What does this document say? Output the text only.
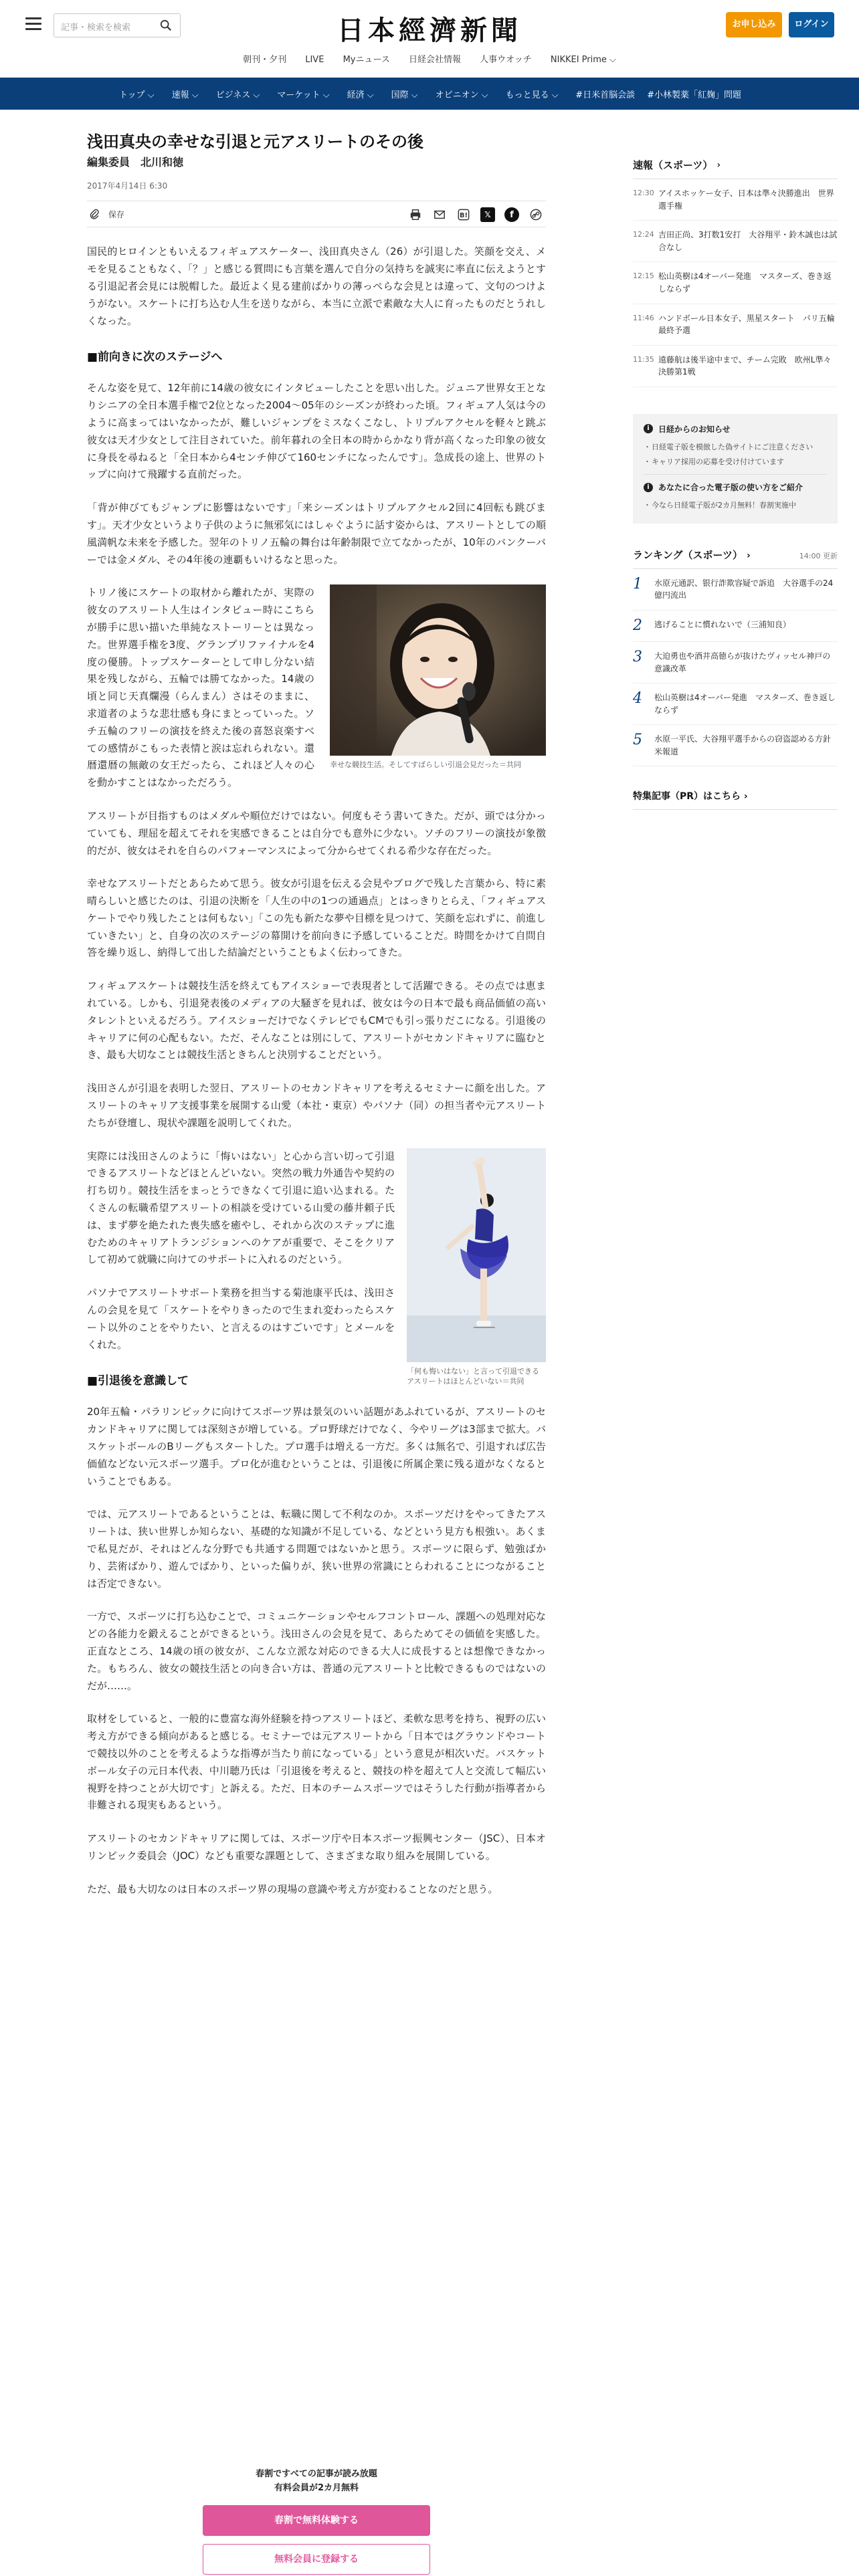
記事・検索を検索	日本經濟新聞	お申し込み	ログイン
朝刊・夕刊 LIVE Myニュース 日経会社情報 人事ウオッチ NIKKEI Prime ⌵
トップ ⌵ 速報 ⌵ ビジネス ⌵ マーケット ⌵ 経済 ⌵ 国際 ⌵ オピニオン ⌵ もっと見る ⌵ #日米首脳会談 #小林製薬「紅麹」問題
浅田真央の幸せな引退と元アスリートのその後
編集委員　北川和徳
2017年4月14日 6:30
保存	B!	𝕏	f

国民的ヒロインともいえるフィギュアスケーター、浅田真央さん（26）が引退した。笑顔を交え、メモを見ることもなく、「？」と感じる質問にも言葉を選んで自分の気持ちを誠実に率直に伝えようとする引退記者会見には脱帽した。最近よく見る建前ばかりの薄っぺらな会見とは違って、文句のつけようがない。スケートに打ち込む人生を送りながら、本当に立派で素敵な大人に育ったものだとうれしくなった。

■前向きに次のステージへ

そんな姿を見て、12年前に14歳の彼女にインタビューしたことを思い出した。ジュニア世界女王となりシニアの全日本選手権で2位となった2004〜05年のシーズンが終わった頃。フィギュア人気は今のように高まってはいなかったが、難しいジャンプをミスなくこなし、トリプルアクセルを軽々と跳ぶ彼女は天才少女として注目されていた。前年暮れの全日本の時からかなり背が高くなった印象の彼女に身長を尋ねると「全日本から4センチ伸びて160センチになったんです」。急成長の途上、世界のトップに向けて飛躍する直前だった。

「背が伸びてもジャンプに影響はないです」「来シーズンはトリプルアクセル2回に4回転も跳びます」。天才少女というより子供のように無邪気にはしゃぐように話す姿からは、アスリートとしての順風満帆な未来を予感した。翌年のトリノ五輪の舞台は年齢制限で立てなかったが、10年のバンクーバーでは金メダル、その4年後の連覇もいけるなと思った。

幸せな競技生活。そしてすばらしい引退会見だった＝共同

トリノ後にスケートの取材から離れたが、実際の彼女のアスリート人生はインタビュー時にこちらが勝手に思い描いた単純なストーリーとは異なった。世界選手権を3度、グランプリファイナルを4度の優勝。トップスケーターとして申し分ない結果を残しながら、五輪では勝てなかった。14歳の頃と同じ天真爛漫（らんまん）さはそのままに、求道者のような悲壮感も身にまとっていった。ソチ五輪のフリーの演技を終えた後の喜怒哀楽すべての感情がこもった表情と涙は忘れられない。還暦還暦の無敵の女王だったら、これほど人々の心を動かすことはなかっただろう。

アスリートが目指すものはメダルや順位だけではない。何度もそう書いてきた。だが、頭では分かっていても、理屈を超えてそれを実感できることは自分でも意外に少ない。ソチのフリーの演技が象徴的だが、彼女はそれを自らのパフォーマンスによって分からせてくれる希少な存在だった。

幸せなアスリートだとあらためて思う。彼女が引退を伝える会見やブログで残した言葉から、特に素晴らしいと感じたのは、引退の決断を「人生の中の1つの通過点」とはっきりとらえ、「フィギュアスケートでやり残したことは何もない」「この先も新たな夢や目標を見つけて、笑顔を忘れずに、前進していきたい」と、自身の次のステージの幕開けを前向きに予感していることだ。時間をかけて自問自答を繰り返し、納得して出した結論だということもよく伝わってきた。

フィギュアスケートは競技生活を終えてもアイスショーで表現者として活躍できる。その点では恵まれている。しかも、引退発表後のメディアの大騒ぎを見れば、彼女は今の日本で最も商品価値の高いタレントといえるだろう。アイスショーだけでなくテレビでもCMでも引っ張りだこになる。引退後のキャリアに何の心配もない。ただ、そんなことは別にして、アスリートがセカンドキャリアに臨むとき、最も大切なことは競技生活ときちんと決別することだという。

浅田さんが引退を表明した翌日、アスリートのセカンドキャリアを考えるセミナーに顔を出した。アスリートのキャリア支援事業を展開する山愛（本社・東京）やパソナ（同）の担当者や元アスリートたちが登壇し、現状や課題を説明してくれた。

「何も悔いはない」と言って引退できるアスリートはほとんどいない＝共同

実際には浅田さんのように「悔いはない」と心から言い切って引退できるアスリートなどほとんどいない。突然の戦力外通告や契約の打ち切り。競技生活をまっとうできなくて引退に追い込まれる。たくさんの転職希望アスリートの相談を受けている山愛の藤井頼子氏は、まず夢を絶たれた喪失感を癒やし、それから次のステップに進むためのキャリアトランジションへのケアが重要で、そこをクリアして初めて就職に向けてのサポートに入れるのだという。

パソナでアスリートサポート業務を担当する菊池康平氏は、浅田さんの会見を見て「スケートをやりきったので生まれ変わったらスケート以外のことをやりたい、と言えるのはすごいです」とメールをくれた。

■引退後を意識して

20年五輪・パラリンピックに向けてスポーツ界は景気のいい話題があふれているが、アスリートのセカンドキャリアに関しては深刻さが増している。プロ野球だけでなく、今やリーグは3部まで拡大。バスケットボールのBリーグもスタートした。プロ選手は増える一方だ。多くは無名で、引退すれば広告価値などない元スポーツ選手。プロ化が進むということは、引退後に所属企業に残る道がなくなるということでもある。

では、元アスリートであるということは、転職に関して不利なのか。スポーツだけをやってきたアスリートは、狭い世界しか知らない、基礎的な知識が不足している、などという見方も根強い。あくまで私見だが、それはどんな分野でも共通する問題ではないかと思う。スポーツに限らず、勉強ばかり、芸術ばかり、遊んでばかり、といった偏りが、狭い世界の常識にとらわれることにつながることは否定できない。

一方で、スポーツに打ち込むことで、コミュニケーションやセルフコントロール、課題への処理対応などの各能力を鍛えることができるという。浅田さんの会見を見て、あらためてその価値を実感した。正直なところ、14歳の頃の彼女が、こんな立派な対応のできる大人に成長するとは想像できなかった。もちろん、彼女の競技生活との向き合い方は、普通の元アスリートと比較できるものではないのだが……。

取材をしていると、一般的に豊富な海外経験を持つアスリートほど、柔軟な思考を持ち、視野の広い考え方ができる傾向があると感じる。セミナーでは元アスリートから「日本ではグラウンドやコートで競技以外のことを考えるような指導が当たり前になっている」という意見が相次いだ。バスケットボール女子の元日本代表、中川聴乃氏は「引退後を考えると、競技の枠を超えて人と交流して幅広い視野を持つことが大切です」と訴える。ただ、日本のチームスポーツではそうした行動が指導者から非難される現実もあるという。

アスリートのセカンドキャリアに関しては、スポーツ庁や日本スポーツ振興センター（JSC）、日本オリンピック委員会（JOC）なども重要な課題として、さまざまな取り組みを展開している。

ただ、最も大切なのは日本のスポーツ界の現場の意識や考え方が変わることなのだと思う。

春割ですべての記事が読み放題
有料会員が2カ月無料
春割で無料体験する
無料会員に登録する
速報（スポーツ） ›
12:30 アイスホッケー女子、日本は準々決勝進出　世界選手権
12:24 吉田正尚、3打数1安打　大谷翔平・鈴木誠也は試合なし
12:15 松山英樹は4オーバー発進　マスターズ、巻き返しならず
11:46 ハンドボール日本女子、黒星スタート　パリ五輪最終予選
11:35 遠藤航は後半途中まで、チーム完敗　欧州L準々決勝第1戦
i	日経からのお知らせ
・ 日経電子版を模倣した偽サイトにご注意ください
・ キャリア採用の応募を受け付けています
i	あなたに合った電子版の使い方をご紹介
・ 今なら日経電子版が2カ月無料！春割実施中
ランキング（スポーツ） ›	14:00 更新
1	水原元通訳、银行詐欺容疑で訴追　大谷選手の24億円流出
2	逃げることに慣れないで（三浦知良）
3	大迫勇也や酒井高徳らが抜けたヴィッセル神戸の意識改革
4	松山英樹は4オーバー発進　マスターズ、巻き返しならず
5	水原一平氏、大谷翔平選手からの窃盗認める方針　米報道
特集記事（PR）はこちら ›
